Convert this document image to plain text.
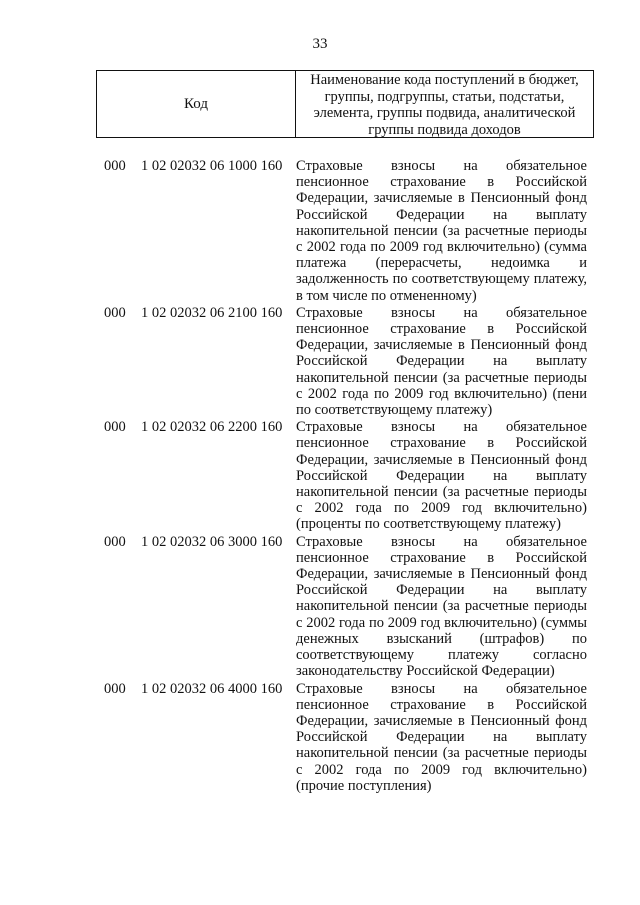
33
Код
Наименование кода поступлений в бюджет, группы, подгруппы, статьи, подстатьи, элемента, группы подвида, аналитической группы подвида доходов
000 1 02 02032 06 1000 160 Страховые взносы на обязательное пенсионное страхование в Российской Федерации, зачисляемые в Пенсионный фонд Российской Федерации на выплату накопительной пенсии (за расчетные периоды с 2002 года по 2009 год включительно) (сумма платежа (перерасчеты, недоимка и задолженность по соответствующему платежу, в том числе по отмененному)
000 1 02 02032 06 2100 160 Страховые взносы на обязательное пенсионное страхование в Российской Федерации, зачисляемые в Пенсионный фонд Российской Федерации на выплату накопительной пенсии (за расчетные периоды с 2002 года по 2009 год включительно) (пени по соответствующему платежу)
000 1 02 02032 06 2200 160 Страховые взносы на обязательное пенсионное страхование в Российской Федерации, зачисляемые в Пенсионный фонд Российской Федерации на выплату накопительной пенсии (за расчетные периоды с 2002 года по 2009 год включительно) (проценты по соответствующему платежу)
000 1 02 02032 06 3000 160 Страховые взносы на обязательное пенсионное страхование в Российской Федерации, зачисляемые в Пенсионный фонд Российской Федерации на выплату накопительной пенсии (за расчетные периоды с 2002 года по 2009 год включительно) (суммы денежных взысканий (штрафов) по соответствующему платежу согласно законодательству Российской Федерации)
000 1 02 02032 06 4000 160 Страховые взносы на обязательное пенсионное страхование в Российской Федерации, зачисляемые в Пенсионный фонд Российской Федерации на выплату накопительной пенсии (за расчетные периоды с 2002 года по 2009 год включительно) (прочие поступления)
